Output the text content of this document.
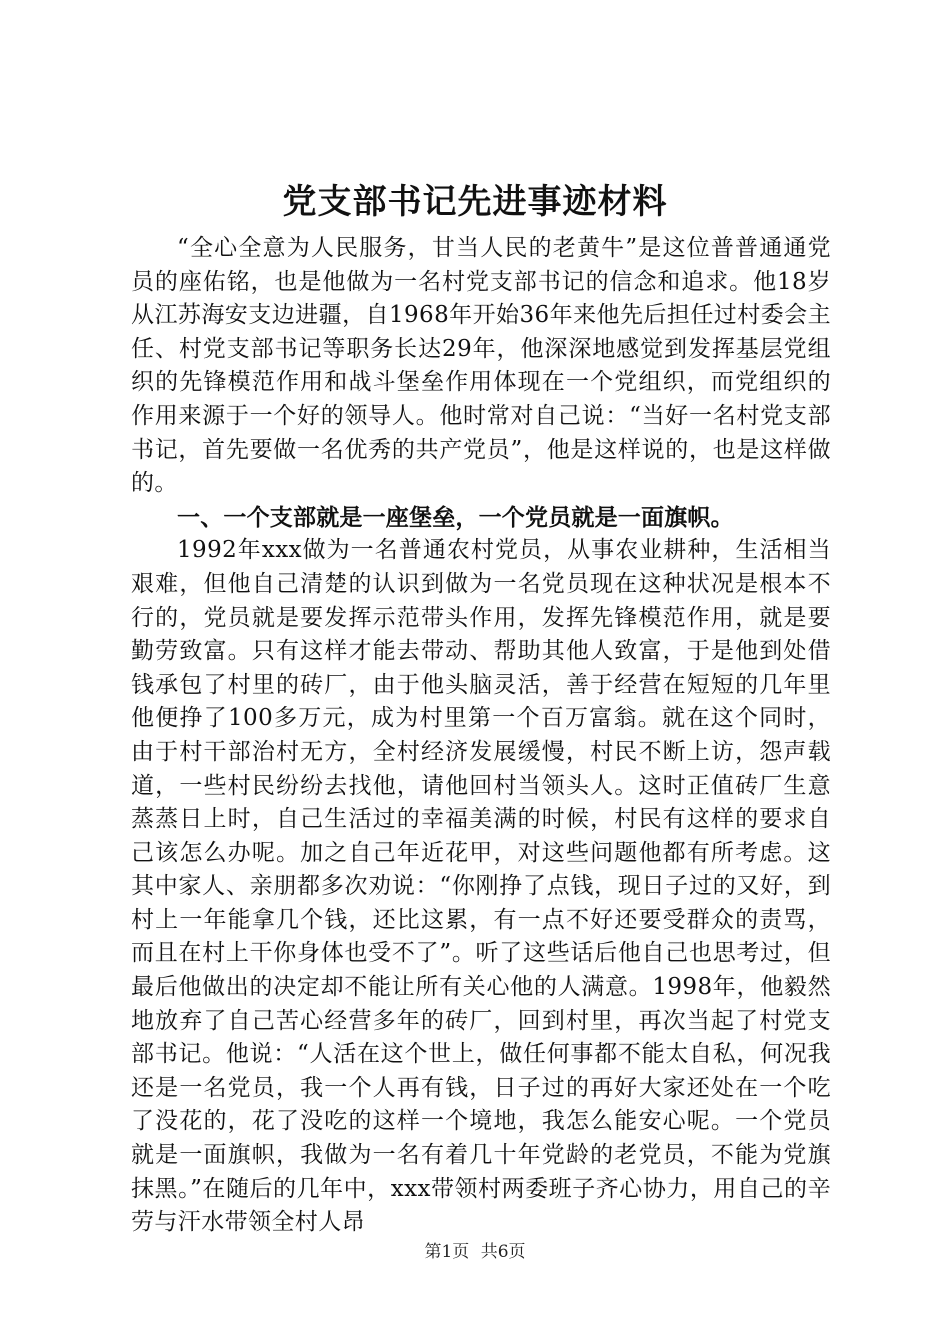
党支部书记先进事迹材料

“全心全意为人民服务，甘当人民的老黄牛”是这位普普通通党员的座佑铭，也是他做为一名村党支部书记的信念和追求。他18岁从江苏海安支边进疆，自1968年开始36年来他先后担任过村委会主任、村党支部书记等职务长达29年，他深深地感觉到发挥基层党组织的先锋模范作用和战斗堡垒作用体现在一个党组织，而党组织的作用来源于一个好的领导人。他时常对自己说：“当好一名村党支部书记，首先要做一名优秀的共产党员”，他是这样说的，也是这样做的。

一、一个支部就是一座堡垒，一个党员就是一面旗帜。

1992年xxx做为一名普通农村党员，从事农业耕种，生活相当艰难，但他自己清楚的认识到做为一名党员现在这种状况是根本不行的，党员就是要发挥示范带头作用，发挥先锋模范作用，就是要勤劳致富。只有这样才能去带动、帮助其他人致富，于是他到处借钱承包了村里的砖厂，由于他头脑灵活，善于经营在短短的几年里他便挣了100多万元，成为村里第一个百万富翁。就在这个同时，由于村干部治村无方，全村经济发展缓慢，村民不断上访，怨声载道，一些村民纷纷去找他，请他回村当领头人。这时正值砖厂生意蒸蒸日上时，自己生活过的幸福美满的时候，村民有这样的要求自己该怎么办呢。加之自己年近花甲，对这些问题他都有所考虑。这其中家人、亲朋都多次劝说：“你刚挣了点钱，现日子过的又好，到村上一年能拿几个钱，还比这累，有一点不好还要受群众的责骂，而且在村上干你身体也受不了”。听了这些话后他自己也思考过，但最后他做出的决定却不能让所有关心他的人满意。1998年，他毅然地放弃了自己苦心经营多年的砖厂，回到村里，再次当起了村党支部书记。他说：“人活在这个世上，做任何事都不能太自私，何况我还是一名党员，我一个人再有钱，日子过的再好大家还处在一个吃了没花的，花了没吃的这样一个境地，我怎么能安心呢。一个党员就是一面旗帜，我做为一名有着几十年党龄的老党员，不能为党旗抹黑。”在随后的几年中，xxx带领村两委班子齐心协力，用自己的辛劳与汗水带领全村人昂

第1页 共6页
